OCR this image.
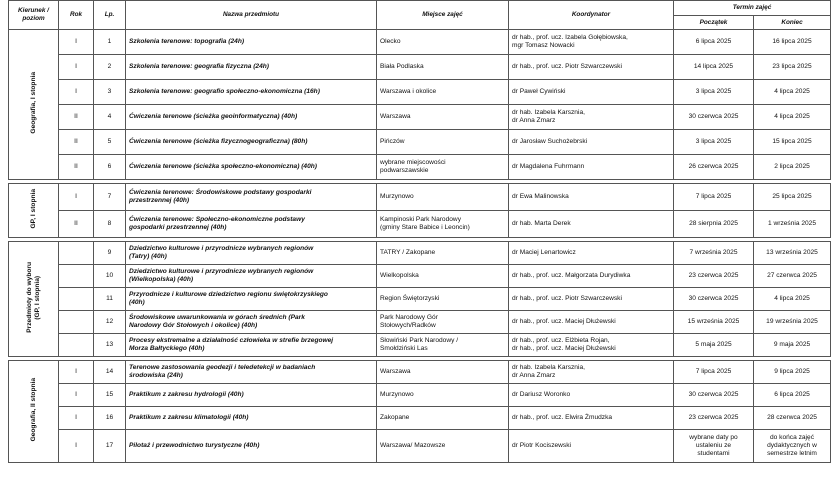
Kierunek /
poziom	Rok	Lp.	Nazwa przedmiotu	Miejsce zajęć	Koordynator	Termin zajęć	
						Początek	Koniec
Geografia, I stopnia	I	1	Szkolenia terenowe: topografia (24h)	Olecko	dr hab., prof. ucz. Izabela Gołębiowska,
mgr Tomasz Nowacki	6 lipca 2025	16 lipca 2025
	I	2	Szkolenia terenowe: geografia fizyczna (24h)	Biała Podlaska	dr hab., prof. ucz. Piotr Szwarczewski	14 lipca 2025	23 lipca 2025
	I	3	Szkolenia terenowe: geografio społeczno-ekonomiczna (16h)	Warszawa i okolice	dr Paweł Cywiński	3 lipca 2025	4 lipca 2025
	II	4	Ćwiczenia terenowe (ścieżka geoinformatyczna) (40h)	Warszawa	dr hab. Izabela Karsznia,
dr Anna Zmarz	30 czerwca 2025	4 lipca 2025
	II	5	Ćwiczenia terenowe (ścieżka fizycznogeograficzna) (80h)	Pińczów	dr Jarosław Suchożebrski	3 lipca 2025	15 lipca 2025
	II	6	Ćwiczenia terenowe (ścieżka społeczno-ekonomiczna) (40h)	wybrane miejscowości
podwarszawskie	dr Magdalena Fuhrmann	26 czerwca 2025	2 lipca 2025

GP, I stopnia	I	7	Ćwiczenia terenowe: Środowiskowe podstawy gospodarki
przestrzennej (40h)	Murzynowo	dr Ewa Malinowska	7 lipca 2025	25 lipca 2025
	II	8	Ćwiczenia terenowe: Społeczno-ekonomiczne podstawy
gospodarki przestrzennej (40h)	Kampinoski Park Narodowy
(gminy Stare Babice i Leoncin)	dr hab. Marta Derek	28 sierpnia 2025	1 września 2025

Przedmioty do wyboru
(GP, I stopnia)		9	Dziedzictwo kulturowe i przyrodnicze wybranych regionów
(Tatry) (40h)	TATRY / Zakopane	dr Maciej Lenartowicz	7 września 2025	13 września 2025
		10	Dziedzictwo kulturowe i przyrodnicze wybranych regionów
(Wielkopolska) (40h)	Wielkopolska	dr hab., prof. ucz. Małgorzata Durydiwka	23 czerwca 2025	27 czerwca 2025
		11	Przyrodnicze i kulturowe dziedzictwo regionu świętokrzyskiego
(40h)	Region Świętorzyski	dr hab., prof. ucz. Piotr Szwarczewski	30 czerwca 2025	4 lipca 2025
		12	Środowiskowe uwarunkowania w górach średnich (Park
Narodowy Gór Stołowych i okolice) (40h)	Park Narodowy Gór
Stołowych/Radków	dr hab., prof. ucz. Maciej Dłużewski	15 września 2025	19 września 2025
		13	Procesy ekstremalne a działalność człowieka w strefie brzegowej
Morza Bałtyckiego (40h)	Słowiński Park Narodowy /
Smołdziński Las	dr hab., prof. ucz. Elżbieta Rojan,
dr hab., prof. ucz. Maciej Dłużewski	5 maja 2025	9 maja 2025

Geografia, II stopnia	I	14	Terenowe zastosowania geodezji i teledetekcji w badaniach
środowiska (24h)	Warszawa	dr hab. Izabela Karsznia,
dr Anna Zmarz	7 lipca 2025	9 lipca 2025
	I	15	Praktikum z zakresu hydrologii (40h)	Murzynowo	dr Dariusz Woronko	30 czerwca 2025	6 lipca 2025
	I	16	Praktikum z zakresu klimatologii (40h)	Zakopane	dr hab., prof. ucz. Elwira Żmudzka	23 czerwca 2025	28 czerwca 2025
	I	17	Pilotaż i przewodnictwo turystyczne (40h)	Warszawa/ Mazowsze	dr Piotr Kociszewski	wybrane daty po
ustaleniu ze
studentami	do końca zajęć
dydaktycznych w
semestrze letnim
